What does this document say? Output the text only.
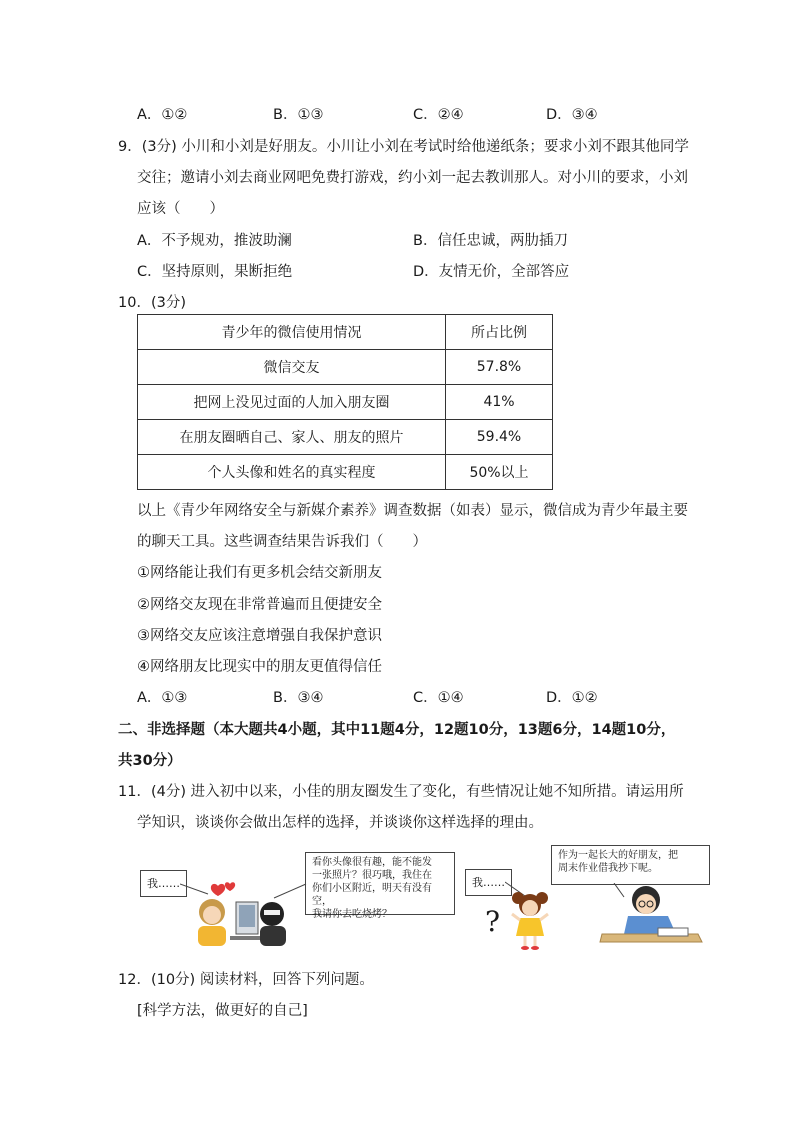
A．①②	B．①③	C．②④	D．③④
9．(3分) 小川和小刘是好朋友。小川让小刘在考试时给他递纸条；要求小刘不跟其他同学
交往；邀请小刘去商业网吧免费打游戏，约小刘一起去教训那人。对小川的要求，小刘
应该（　　）
A．不予规劝，推波助澜	B．信任忠诚，两肋插刀
C．坚持原则，果断拒绝	D．友情无价，全部答应
10．(3分)
青少年的微信使用情况	所占比例
微信交友	57.8%
把网上没见过面的人加入朋友圈	41%
在朋友圈晒自己、家人、朋友的照片	59.4%
个人头像和姓名的真实程度	50%以上
以上《青少年网络安全与新媒介素养》调查数据（如表）显示，微信成为青少年最主要
的聊天工具。这些调查结果告诉我们（　　）
①网络能让我们有更多机会结交新朋友
②网络交友现在非常普遍而且便捷安全
③网络交友应该注意增强自我保护意识
④网络朋友比现实中的朋友更值得信任
A．①③	B．③④	C．①④	D．①②
二、非选择题（本大题共4小题，其中11题4分，12题10分，13题6分，14题10分，
共30分）
11．(4分) 进入初中以来，小佳的朋友圈发生了变化，有些情况让她不知所措。请运用所
学知识，谈谈你会做出怎样的选择，并谈谈你这样选择的理由。
我……
看你头像很有趣，能不能发
一张照片？很巧哦，我住在
你们小区附近，明天有没有空，
我请你去吃烧烤？
我……
?
作为一起长大的好朋友，把
周末作业借我抄下呢。
12．(10分) 阅读材料，回答下列问题。
[科学方法，做更好的自己]
